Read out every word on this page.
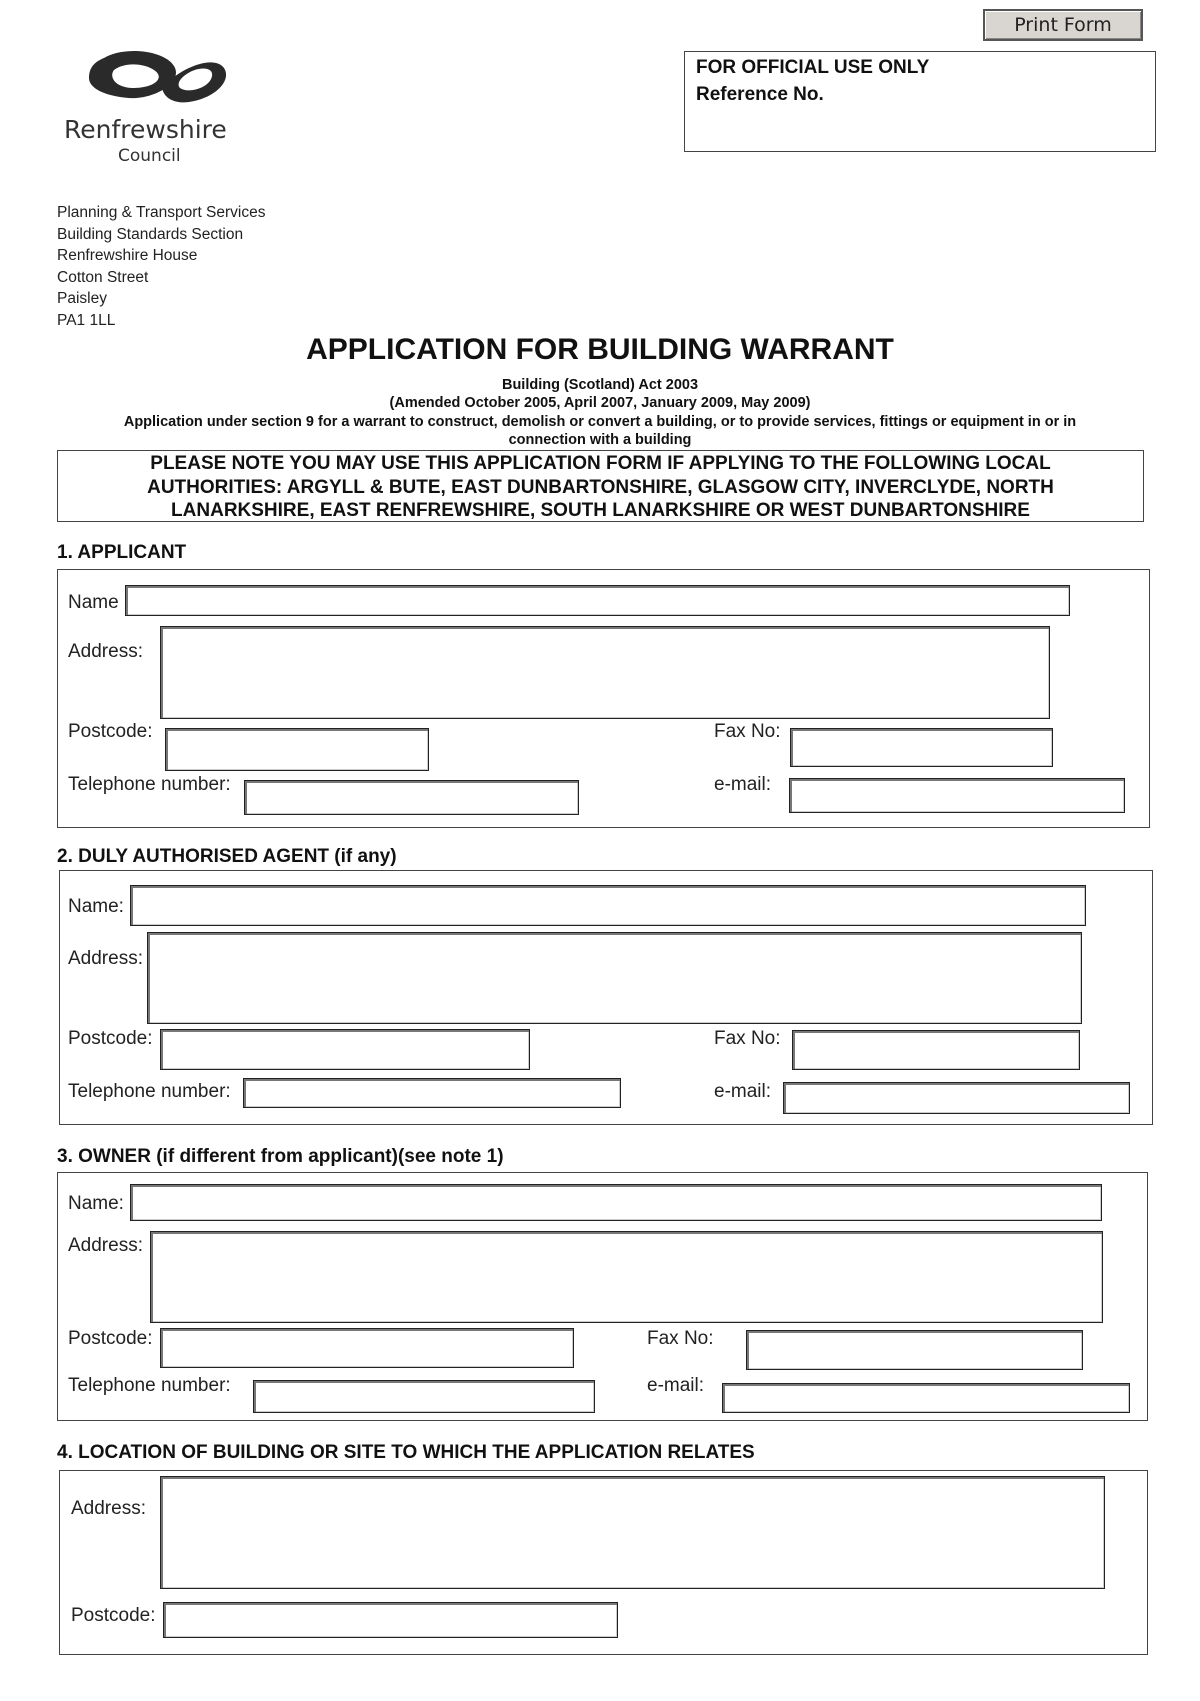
Print Form
Renfrewshire
Council
FOR OFFICIAL USE ONLY
Reference No.
Planning & Transport Services
Building Standards Section
Renfrewshire House
Cotton Street
Paisley
PA1 1LL
APPLICATION FOR BUILDING WARRANT
Building (Scotland) Act 2003
(Amended October 2005, April 2007, January 2009, May 2009)
Application under section 9 for a warrant to construct, demolish or convert a building, or to provide services, fittings or equipment in or in
connection with a building
PLEASE NOTE YOU MAY USE THIS APPLICATION FORM IF APPLYING TO THE FOLLOWING LOCAL
AUTHORITIES: ARGYLL & BUTE, EAST DUNBARTONSHIRE, GLASGOW CITY, INVERCLYDE, NORTH
LANARKSHIRE, EAST RENFREWSHIRE, SOUTH LANARKSHIRE OR WEST DUNBARTONSHIRE
1. APPLICANT
Name
Address:
Postcode:	Fax No:
Telephone number:	e-mail:
2. DULY AUTHORISED AGENT (if any)
Name:
Address:
Postcode:	Fax No:
Telephone number:	e-mail:
3. OWNER (if different from applicant)(see note 1)
Name:
Address:
Postcode:	Fax No:
Telephone number:	e-mail:
4. LOCATION OF BUILDING OR SITE TO WHICH THE APPLICATION RELATES
Address:
Postcode:
